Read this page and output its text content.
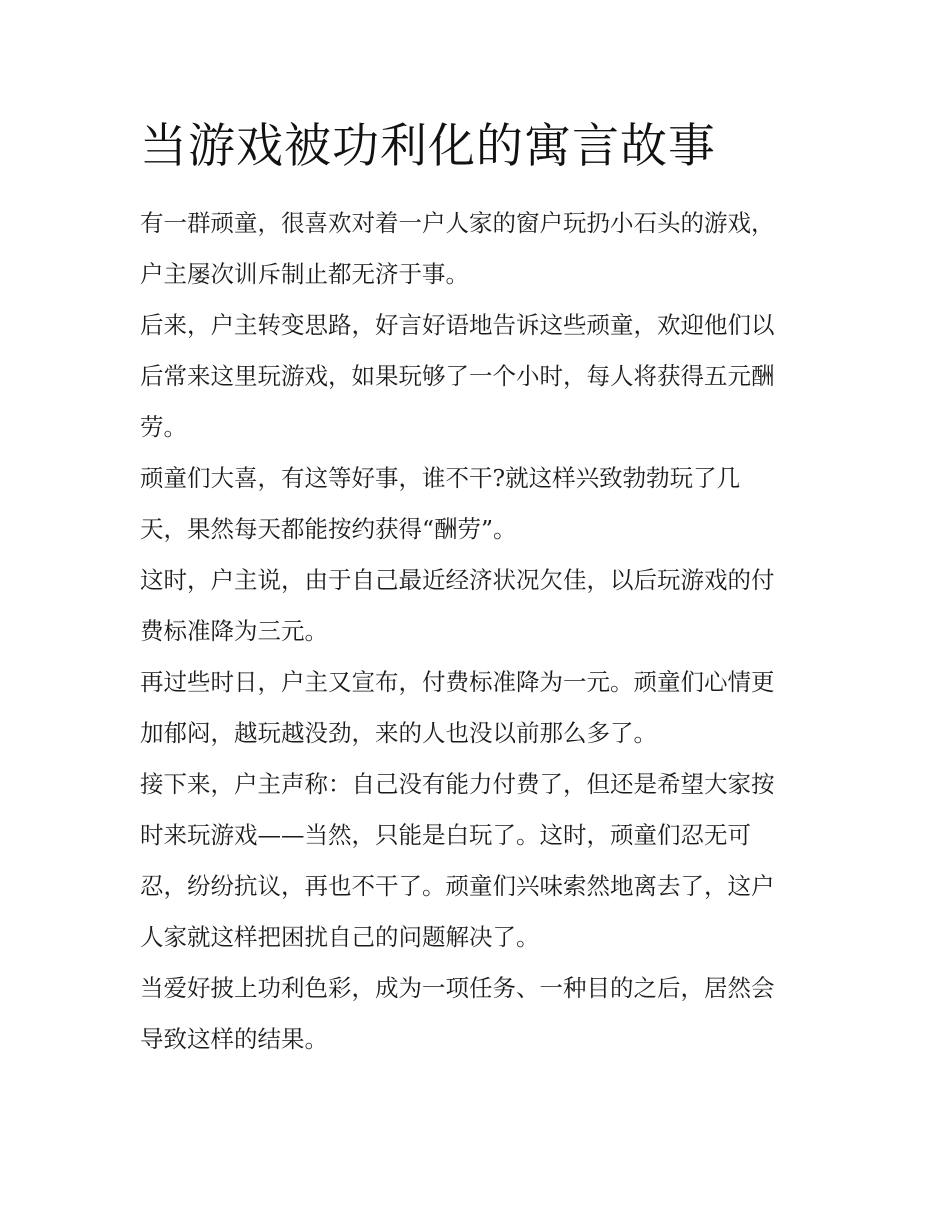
当游戏被功利化的寓言故事

有一群顽童，很喜欢对着一户人家的窗户玩扔小石头的游戏，
户主屡次训斥制止都无济于事。

后来，户主转变思路，好言好语地告诉这些顽童，欢迎他们以
后常来这里玩游戏，如果玩够了一个小时，每人将获得五元酬
劳。

顽童们大喜，有这等好事，谁不干?就这样兴致勃勃玩了几
天，果然每天都能按约获得“酬劳”。

这时，户主说，由于自己最近经济状况欠佳，以后玩游戏的付
费标准降为三元。

再过些时日，户主又宣布，付费标准降为一元。顽童们心情更
加郁闷，越玩越没劲，来的人也没以前那么多了。

接下来，户主声称：自己没有能力付费了，但还是希望大家按
时来玩游戏——当然，只能是白玩了。这时，顽童们忍无可
忍，纷纷抗议，再也不干了。顽童们兴味索然地离去了，这户
人家就这样把困扰自己的问题解决了。

当爱好披上功利色彩，成为一项任务、一种目的之后，居然会
导致这样的结果。
